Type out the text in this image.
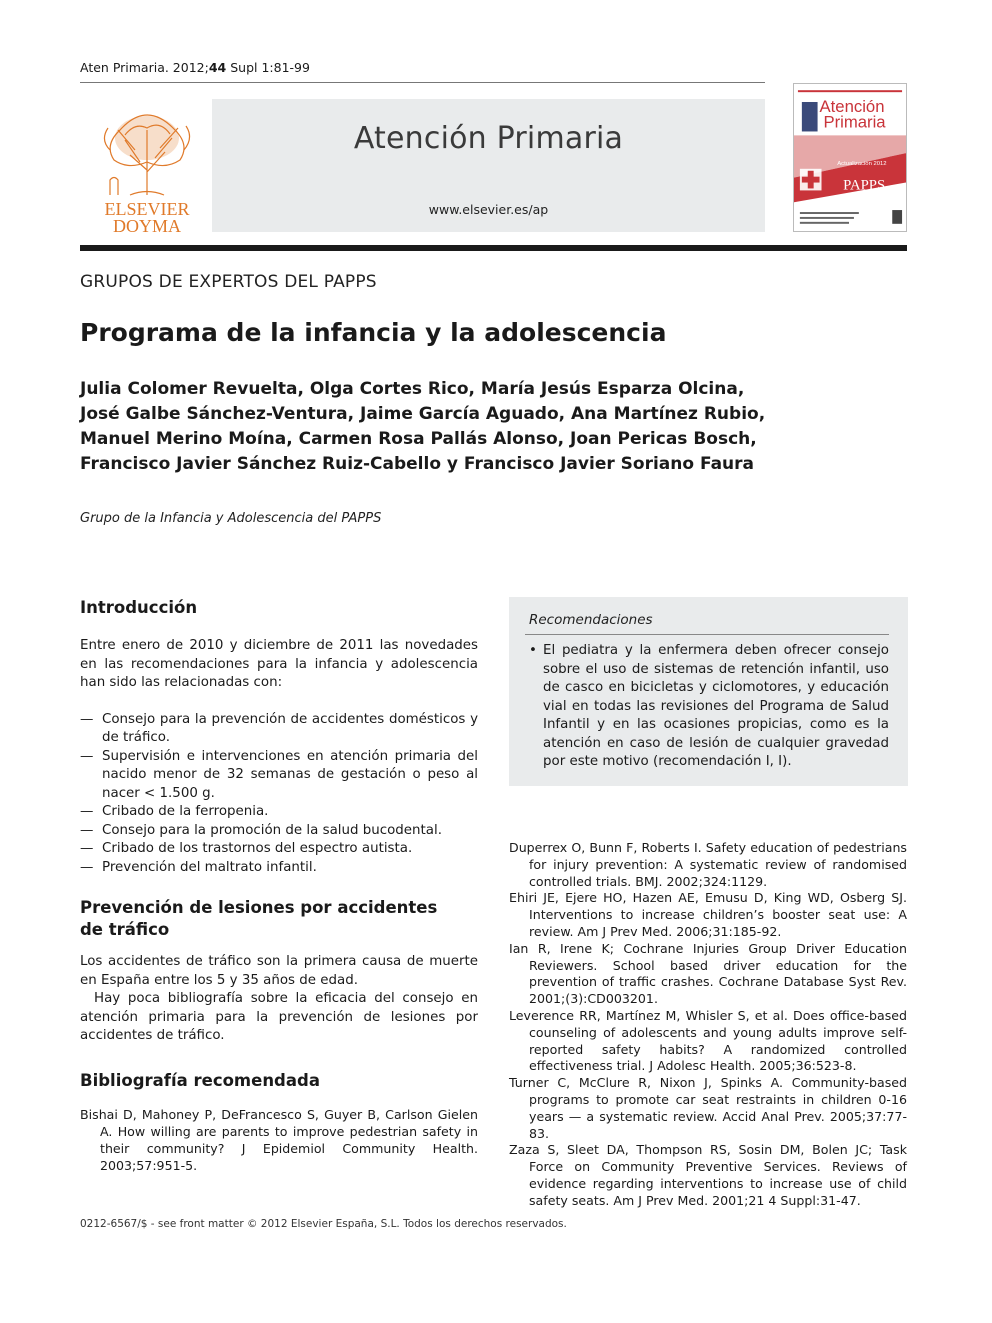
Aten Primaria. 2012;44 Supl 1:81-99
ELSEVIER
DOYMA
Atención Primaria
www.elsevier.es/ap
Atención
Primaria
Actualización 2012
PAPPS
GRUPOS DE EXPERTOS DEL PAPPS
Programa de la infancia y la adolescencia
Julia Colomer Revuelta, Olga Cortes Rico, María Jesús Esparza Olcina,
José Galbe Sánchez-Ventura, Jaime García Aguado, Ana Martínez Rubio,
Manuel Merino Moína, Carmen Rosa Pallás Alonso, Joan Pericas Bosch,
Francisco Javier Sánchez Ruiz-Cabello y Francisco Javier Soriano Faura
Grupo de la Infancia y Adolescencia del PAPPS
Introducción

Entre enero de 2010 y diciembre de 2011 las novedades en las recomendaciones para la infancia y adolescencia han sido las relacionadas con:

— Consejo para la prevención de accidentes domésticos y de tráfico.
— Supervisión e intervenciones en atención primaria del nacido menor de 32 semanas de gestación o peso al nacer < 1.500 g.
— Cribado de la ferropenia.
— Consejo para la promoción de la salud bucodental.
— Cribado de los trastornos del espectro autista.
— Prevención del maltrato infantil.
Prevención de lesiones por accidentes
de tráfico

Los accidentes de tráfico son la primera causa de muerte en España entre los 5 y 35 años de edad.

Hay poca bibliografía sobre la eficacia del consejo en atención primaria para la prevención de lesiones por accidentes de tráfico.

Bibliografía recomendada

Bishai D, Mahoney P, DeFrancesco S, Guyer B, Carlson Gielen A. How willing are parents to improve pedestrian safety in their community? J Epidemiol Community Health. 2003;57:951-5.

Recomendaciones
• El pediatra y la enfermera deben ofrecer consejo sobre el uso de sistemas de retención infantil, uso de casco en bicicletas y ciclomotores, y educación vial en todas las revisiones del Programa de Salud Infantil y en las ocasiones propicias, como es la atención en caso de lesión de cualquier gravedad por este motivo (recomendación I, I).

Duperrex O, Bunn F, Roberts I. Safety education of pedestrians for injury prevention: A systematic review of randomised controlled trials. BMJ. 2002;324:1129.

Ehiri JE, Ejere HO, Hazen AE, Emusu D, King WD, Osberg SJ. Interventions to increase children’s booster seat use: A review. Am J Prev Med. 2006;31:185-92.

Ian R, Irene K; Cochrane Injuries Group Driver Education Reviewers. School based driver education for the prevention of traffic crashes. Cochrane Database Syst Rev. 2001;(3):CD003201.

Leverence RR, Martínez M, Whisler S, et al. Does office-based counseling of adolescents and young adults improve self-reported safety habits? A randomized controlled effectiveness trial. J Adolesc Health. 2005;36:523-8.

Turner C, McClure R, Nixon J, Spinks A. Community-based programs to promote car seat restraints in children 0-16 years — a systematic review. Accid Anal Prev. 2005;37:77-83.

Zaza S, Sleet DA, Thompson RS, Sosin DM, Bolen JC; Task Force on Community Preventive Services. Reviews of evidence regarding interventions to increase use of child safety seats. Am J Prev Med. 2001;21 4 Suppl:31-47.

0212-6567/$ - see front matter © 2012 Elsevier España, S.L. Todos los derechos reservados.
